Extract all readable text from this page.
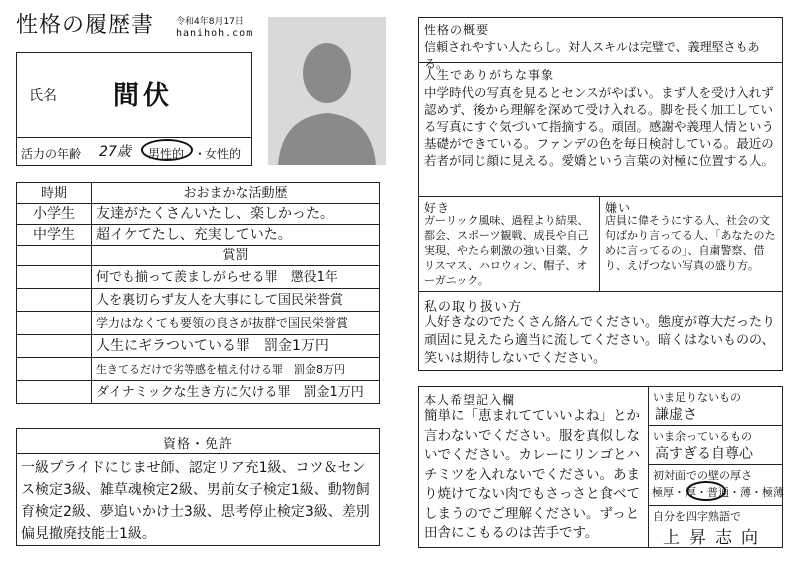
性格の履歴書 令和4年8月17日
hanihoh.com
氏名 間伏
活力の年齢 27歳 男性的 ・
女性的
時期	おおまかな活動歴
小学生	友達がたくさんいたし、楽しかった。
中学生	超イケてたし、充実していた。
	賞罰
	何でも揃って羨ましがらせる罪　懲役1年
	人を裏切らず友人を大事にして国民栄誉賞
	学力はなくても要領の良さが抜群で国民栄誉賞
	人生にギラついている罪　罰金1万円
	生きてるだけで劣等感を植え付ける罪　罰金8万円
	ダイナミックな生き方に欠ける罪　罰金1万円
資格・免許
一級プライドにじませ師、認定リア充1級、コツ＆センス検定3級、雑草魂検定2級、男前女子検定1級、動物飼育検定2級、夢追いかけ士3級、思考停止検定3級、差別偏見撤廃技能士1級。
性格の概要
信頼されやすい人たらし。対人スキルは完璧で、義理堅さもある。
人生でありがちな事象
中学時代の写真を見るとセンスがやばい。まず人を受け入れず認めず、後から理解を深めて受け入れる。脚を長く加工している写真にすぐ気づいて指摘する。頑固。感謝や義理人情という基礎ができている。ファンデの色を毎日検討している。最近の若者が同じ顔に見える。愛嬌という言葉の対極に位置する人。
好き
ガーリック風味、過程より結果、都会、スポーツ観戦、成長や自己実現、やたら刺激の強い目薬、クリスマス、ハロウィン、帽子、オーガニック。
嫌い
店員に偉そうにする人、社会の文句ばかり言ってる人、「あなたのために言ってるの」、自粛警察、借り、えげつない写真の盛り方。
私の取り扱い方
人好きなのでたくさん絡んでください。態度が尊大だったり頑固に見えたら適当に流してください。暗くはないものの、笑いは期待しないでください。
本人希望記入欄
簡単に「恵まれてていいよね」とか言わないでください。服を真似しないでください。カレーにリンゴとハチミツを入れないでください。あまり焼けてない肉でもさっさと食べてしまうのでご理解ください。ずっと田舎にこもるのは苦手です。
いま足りないもの
謙虚さ
いま余っているもの
高すぎる自尊心
初対面での壁の厚さ
極厚・厚・普通・薄・極薄
自分を四字熟語で
上昇志向
